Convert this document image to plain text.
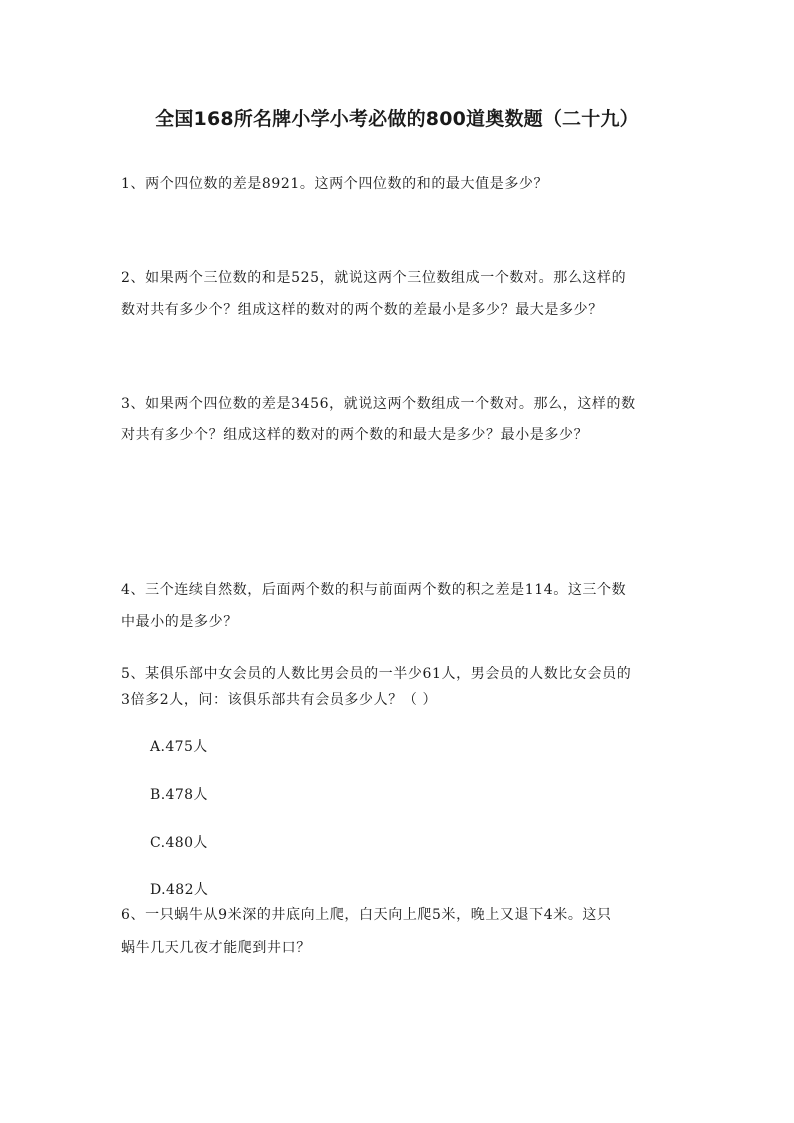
全国168所名牌小学小考必做的800道奥数题（二十九）
1、两个四位数的差是8921。这两个四位数的和的最大值是多少？
2、如果两个三位数的和是525，就说这两个三位数组成一个数对。那么这样的
数对共有多少个？组成这样的数对的两个数的差最小是多少？最大是多少？
3、如果两个四位数的差是3456，就说这两个数组成一个数对。那么，这样的数
对共有多少个？组成这样的数对的两个数的和最大是多少？最小是多少？
4、三个连续自然数，后面两个数的积与前面两个数的积之差是114。这三个数
中最小的是多少？
5、某俱乐部中女会员的人数比男会员的一半少61人，男会员的人数比女会员的
3倍多2人，问：该俱乐部共有会员多少人？（ ）
A.475人
B.478人
C.480人
D.482人
6、一只蜗牛从9米深的井底向上爬，白天向上爬5米，晚上又退下4米。这只
蜗牛几天几夜才能爬到井口？
